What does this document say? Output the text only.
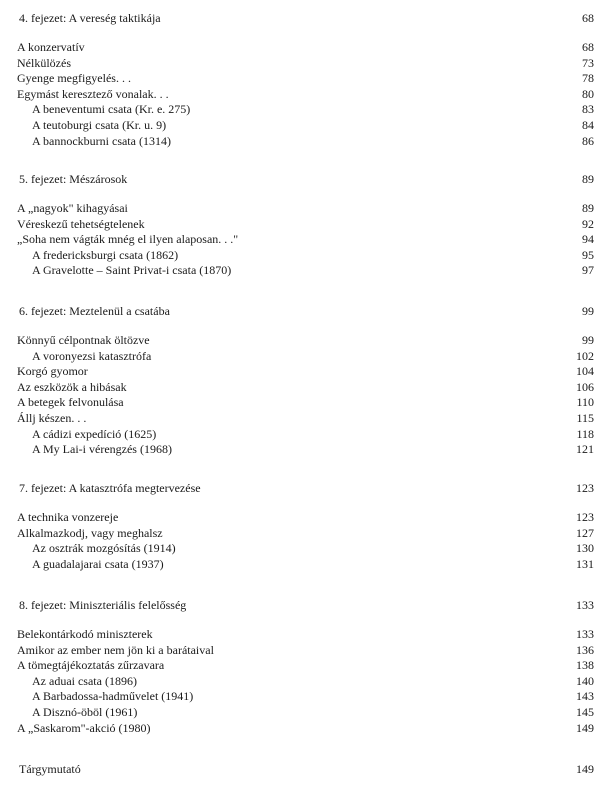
4. fejezet: A vereség taktikája	68
A konzervatív	68
Nélkülözés	73
Gyenge megfigyelés. . .	78
Egymást keresztező vonalak. . .	80
A beneventumi csata (Kr. e. 275)	83
A teutoburgi csata (Kr. u. 9)	84
A bannockburni csata (1314)	86
5. fejezet: Mészárosok	89
A „nagyok" kihagyásai	89
Véreskezű tehetségtelenek	92
„Soha nem vágták mnég el ilyen alaposan. . ."	94
A fredericksburgi csata (1862)	95
A Gravelotte – Saint Privat-i csata (1870)	97
6. fejezet: Meztelenül a csatába	99
Könnyű célpontnak öltözve	99
A voronyezsi katasztrófa	102
Korgó gyomor	104
Az eszközök a hibásak	106
A betegek felvonulása	110
Állj készen. . .	115
A cádizi expedíció (1625)	118
A My Lai-i vérengzés (1968)	121
7. fejezet: A katasztrófa megtervezése	123
A technika vonzereje	123
Alkalmazkodj, vagy meghalsz	127
Az osztrák mozgósítás (1914)	130
A guadalajarai csata (1937)	131
8. fejezet: Miniszteriális felelősség	133
Belekontárkodó miniszterek	133
Amikor az ember nem jön ki a barátaival	136
A tömegtájékoztatás zűrzavara	138
Az aduai csata (1896)	140
A Barbadossa-hadművelet (1941)	143
A Disznó-öböl (1961)	145
A „Saskarom"-akció (1980)	149
Tárgymutató	149
